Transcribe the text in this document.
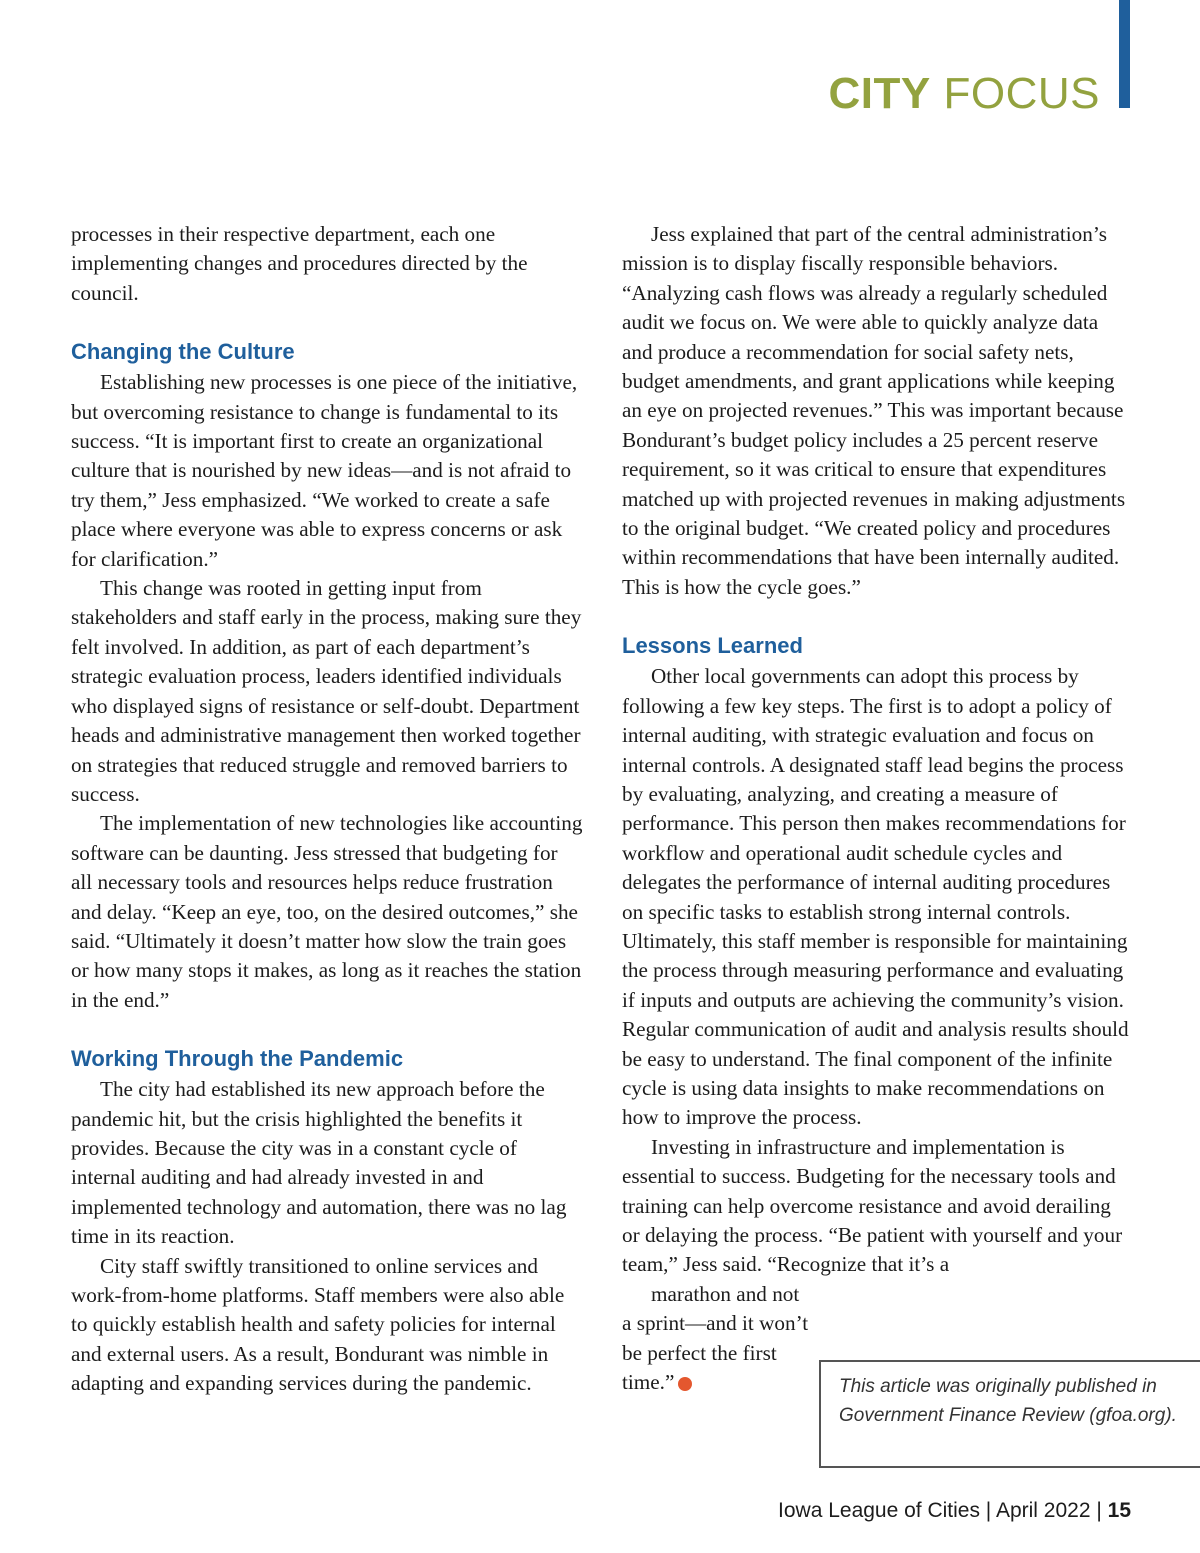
CITY FOCUS

processes in their respective department, each one implementing changes and procedures directed by the council.

Changing the Culture

Establishing new processes is one piece of the initiative, but overcoming resistance to change is fundamental to its success. “It is important first to create an organizational culture that is nourished by new ideas—and is not afraid to try them,” Jess emphasized. “We worked to create a safe place where everyone was able to express concerns or ask for clarification.”

This change was rooted in getting input from stakeholders and staff early in the process, making sure they felt involved. In addition, as part of each department’s strategic evaluation process, leaders identified individuals who displayed signs of resistance or self-doubt. Department heads and administrative management then worked together on strategies that reduced struggle and removed barriers to success.

The implementation of new technologies like accounting software can be daunting. Jess stressed that budgeting for all necessary tools and resources helps reduce frustration and delay. “Keep an eye, too, on the desired outcomes,” she said. “Ultimately it doesn’t matter how slow the train goes or how many stops it makes, as long as it reaches the station in the end.”

Working Through the Pandemic

The city had established its new approach before the pandemic hit, but the crisis highlighted the benefits it provides. Because the city was in a constant cycle of internal auditing and had already invested in and implemented technology and automation, there was no lag time in its reaction.

City staff swiftly transitioned to online services and work-from-home platforms. Staff members were also able to quickly establish health and safety policies for internal and external users. As a result, Bondurant was nimble in adapting and expanding services during the pandemic.

Jess explained that part of the central administration’s mission is to display fiscally responsible behaviors. “Analyzing cash flows was already a regularly scheduled audit we focus on. We were able to quickly analyze data and produce a recommendation for social safety nets, budget amendments, and grant applications while keeping an eye on projected revenues.” This was important because Bondurant’s budget policy includes a 25 percent reserve requirement, so it was critical to ensure that expenditures matched up with projected revenues in making adjustments to the original budget. “We created policy and procedures within recommendations that have been internally audited. This is how the cycle goes.”

Lessons Learned

Other local governments can adopt this process by following a few key steps. The first is to adopt a policy of internal auditing, with strategic evaluation and focus on internal controls. A designated staff lead begins the process by evaluating, analyzing, and creating a measure of performance. This person then makes recommendations for workflow and operational audit schedule cycles and delegates the performance of internal auditing procedures on specific tasks to establish strong internal controls. Ultimately, this staff member is responsible for maintaining the process through measuring performance and evaluating if inputs and outputs are achieving the community’s vision. Regular communication of audit and analysis results should be easy to understand. The final component of the infinite cycle is using data insights to make recommendations on how to improve the process.

Investing in infrastructure and implementation is essential to success. Budgeting for the necessary tools and training can help overcome resistance and avoid derailing or delaying the process. “Be patient with yourself and your team,” Jess said. “Recognize that it’s a

marathon and not a sprint—and it won’t be perfect the first time.”	This article was originally published in Government Finance Review (gfoa.org).
Iowa League of Cities | April 2022 | 15
